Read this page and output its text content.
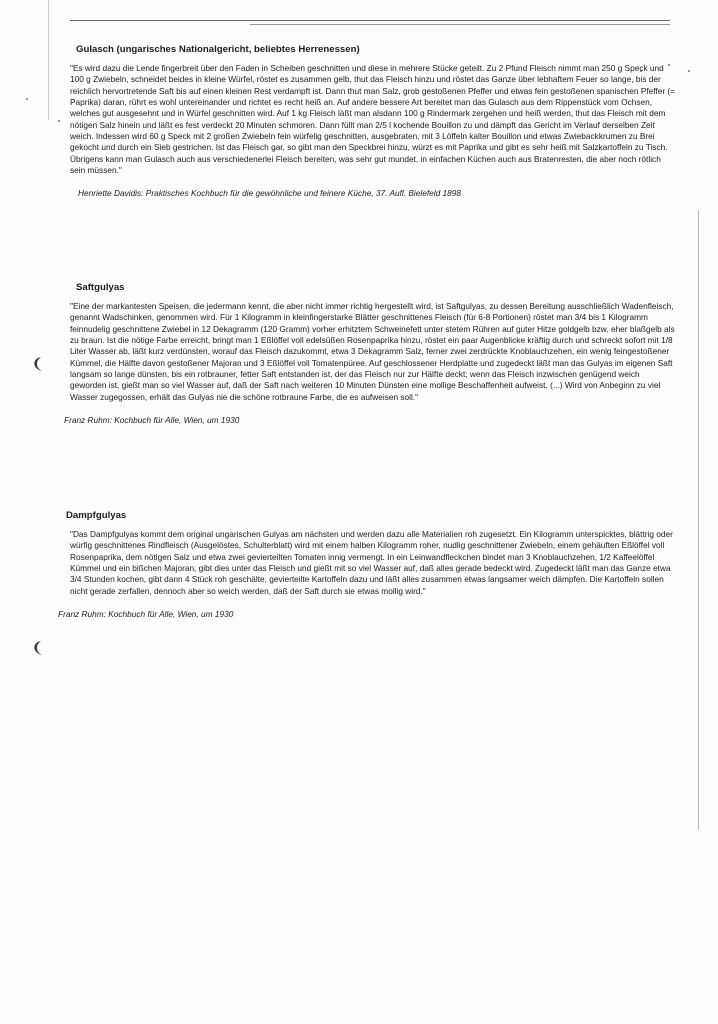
Gulasch (ungarisches Nationalgericht, beliebtes Herrenessen)

"Es wird dazu die Lende fingerbreit über den Faden in Scheiben geschnitten und diese in mehrere Stücke geteilt. Zu 2 Pfund Fleisch nimmt man 250 g Speck und 100 g Zwiebeln, schneidet beides in kleine Würfel, röstet es zusammen gelb, thut das Fleisch hinzu und röstet das Ganze über lebhaftem Feuer so lange, bis der reichlich hervortretende Saft bis auf einen kleinen Rest verdampft ist. Dann thut man Salz, grob gestoßenen Pfeffer und etwas fein gestoßenen spanischen Pfeffer (= Paprika) daran, rührt es wohl untereinander und richtet es recht heiß an. Auf andere bessere Art bereitet man das Gulasch aus dem Rippenstück vom Ochsen, welches gut ausgesehnt und in Würfel geschnitten wird. Auf 1 kg Fleisch läßt man alsdann 100 g Rindermark zergehen und heiß werden, thut das Fleisch mit dem nötigen Salz hinein und läßt es fest verdeckt 20 Minuten schmoren. Dann füllt man 2/5 l kochende Bouillon zu und dämpft das Gericht im Verlauf derselben Zeit weich. Indessen wird 60 g Speck mit 2 großen Zwiebeln fein würfelig geschnitten, ausgebraten, mit 3 Löffeln kalter Bouillon und etwas Zwiebackkrumen zu Brei gekocht und durch ein Sieb gestrichen. Ist das Fleisch gar, so gibt man den Speckbrei hinzu, würzt es mit Paprika und gibt es sehr heiß mit Salzkartoffeln zu Tisch. Übrigens kann man Gulasch auch aus verschiedenerlei Fleisch bereiten, was sehr gut mundet, in einfachen Küchen auch aus Bratenresten, die aber noch rötlich sein müssen."

Henriette Davidis: Praktisches Kochbuch für die gewöhnliche und feinere Küche, 37. Aufl. Bielefeld 1898
Saftgulyas

"Eine der markantesten Speisen, die jedermann kennt, die aber nicht immer richtig hergestellt wird, ist Saftgulyas, zu dessen Bereitung ausschließlich Wadenfleisch, genannt Wadschinken, genommen wird. Für 1 Kilogramm in kleinfingerstarke Blätter geschnittenes Fleisch (für 6-8 Portionen) röstet man 3/4 bis 1 Kilogramm feinnudelig geschnittene Zwiebel in 12 Dekagramm (120 Gramm) vorher erhitztem Schweinefett unter stetem Rühren auf guter Hitze goldgelb bzw. eher blaßgelb als zu braun. Ist die nötige Farbe erreicht, bringt man 1 Eßlöffel voll edelsüßen Rosenpaprika hinzu, röstet ein paar Augenblicke kräftig durch und schreckt sofort mit 1/8 Liter Wasser ab, läßt kurz verdünsten, worauf das Fleisch dazukommt, etwa 3 Dekagramm Salz, ferner zwei zerdrückte Knoblauchzehen, ein wenig feingestoßener Kümmel, die Hälfte davon gestoßener Majoran und 3 Eßlöffel voll Tomatenpüree. Auf geschlossener Herdplatte und zugedeckt läßt man das Gulyas im eigenen Saft langsam so lange dünsten, bis ein rotbrauner, fetter Saft entstanden ist, der das Fleisch nur zur Hälfte deckt; wenn das Fleisch inzwischen genügend weich geworden ist, gießt man so viel Wasser auf, daß der Saft nach weiteren 10 Minuten Dünsten eine mollige Beschaffenheit aufweist. (...) Wird von Anbeginn zu viel Wasser zugegossen, erhält das Gulyas nie die schöne rotbraune Farbe, die es aufweisen soll."

Franz Ruhm: Kochbuch für Alle, Wien, um 1930
Dampfgulyas

"Das Dampfgulyas kommt dem original ungarischen Gulyas am nächsten und werden dazu alle Materialien roh zugesetzt. Ein Kilogramm unterspicktes, blättrig oder würfig geschnittenes Rindfleisch (Ausgelöstes, Schulterblatt) wird mit einem halben Kilogramm roher, nudlig geschnittener Zwiebeln, einem gehäuften Eßlöffel voll Rosenpaprika, dem nötigen Salz und etwa zwei gevierteilten Tomaten innig vermengt. In ein Leinwandfleckchen bindet man 3 Knoblauchzehen, 1/2 Kaffeelöffel Kümmel und ein bißchen Majoran, gibt dies unter das Fleisch und gießt mit so viel Wasser auf, daß alles gerade bedeckt wird. Zugedeckt läßt man das Ganze etwa 3/4 Stunden kochen, gibt dann 4 Stück roh geschälte, gevierteilte Kartoffeln dazu und läßt alles zusammen etwas langsamer weich dämpfen. Die Kartoffeln sollen nicht gerade zerfallen, dennoch aber so weich werden, daß der Saft durch sie etwas mollig wird."

Franz Ruhm: Kochbuch für Alle, Wien, um 1930
